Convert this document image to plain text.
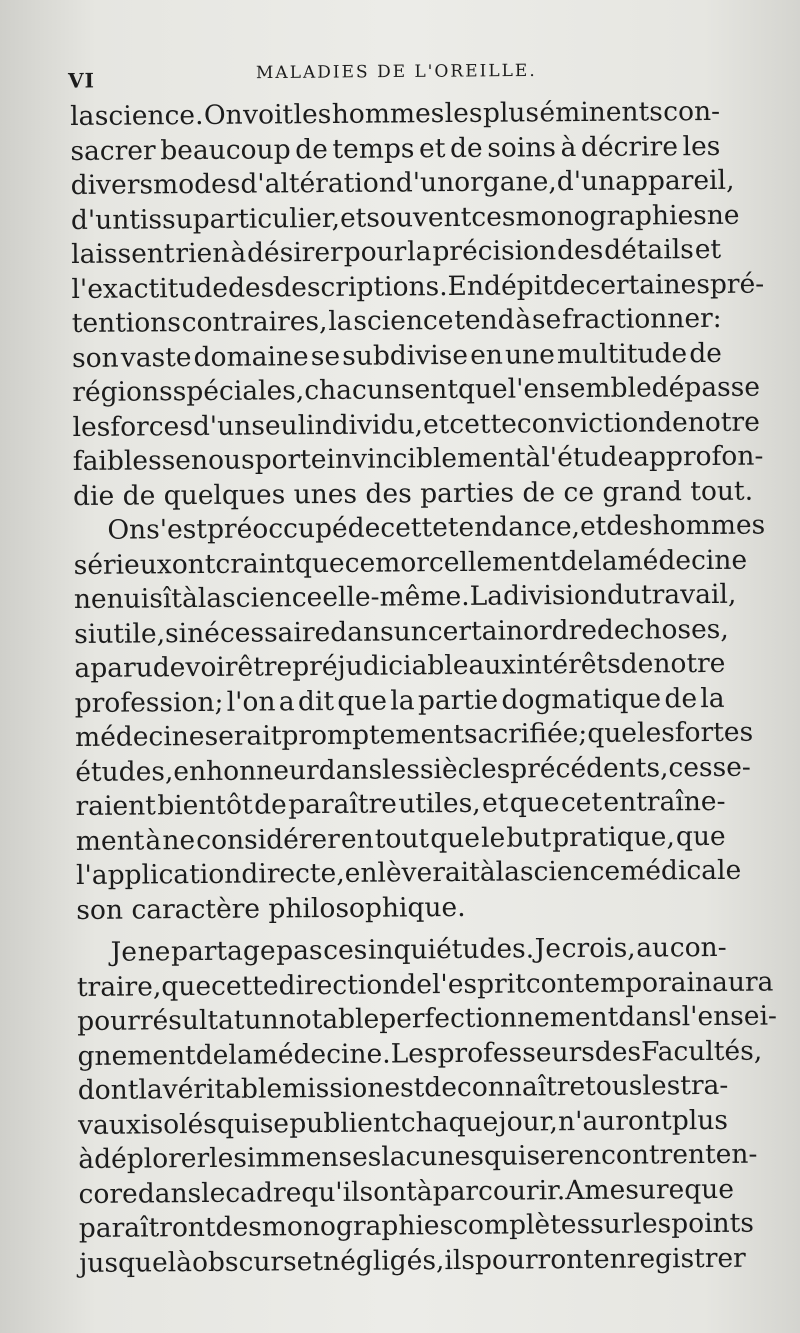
VI	MALADIES DE L'OREILLE.
la science. On voit les hommes les plus éminents con-
sacrer beaucoup de temps et de soins à décrire les
divers modes d'altération d'un organe, d'un appareil,
d'un tissu particulier, et souvent ces monographies ne
laissent rien à désirer pour la précision des détails et
l'exactitude des descriptions. En dépit de certaines pré-
tentions contraires, la science tend à se fractionner:
son vaste domaine se subdivise en une multitude de
régions spéciales, chacun sent que l'ensemble dépasse
les forces d'un seul individu, et cette conviction de notre
faiblesse nous porte invinciblement à l'étude approfon-
die de quelques unes des parties de ce grand tout.
On s'est préoccupé de cette tendance, et des hommes
sérieux ont craint que ce morcellement de la médecine
ne nuisît à la science elle-même. La division du travail,
si utile, si nécessaire dans un certain ordre de choses,
a paru devoir être préjudiciable aux intérêts de notre
profession; l'on a dit que la partie dogmatique de la
médecine serait promptement sacrifiée; que les fortes
études, en honneur dans les siècles précédents, cesse-
raient bientôt de paraître utiles, et que cet entraîne-
ment à ne considérer en tout que le but pratique, que
l'application directe, enlèverait à la science médicale
son caractère philosophique.
Je ne partage pas ces inquiétudes. Je crois, au con-
traire, que cette direction de l'esprit contemporain aura
pour résultat un notable perfectionnement dans l'ensei-
gnement de la médecine. Les professeurs des Facultés,
dont la véritable mission est de connaître tous les tra-
vaux isolés qui se publient chaque jour, n'auront plus
à déplorer les immenses lacunes qui se rencontrent en-
core dans le cadre qu'ils ont à parcourir. A mesure que
paraîtront des monographies complètes sur les points
jusque là obscurs et négligés, ils pourront enregistrer
